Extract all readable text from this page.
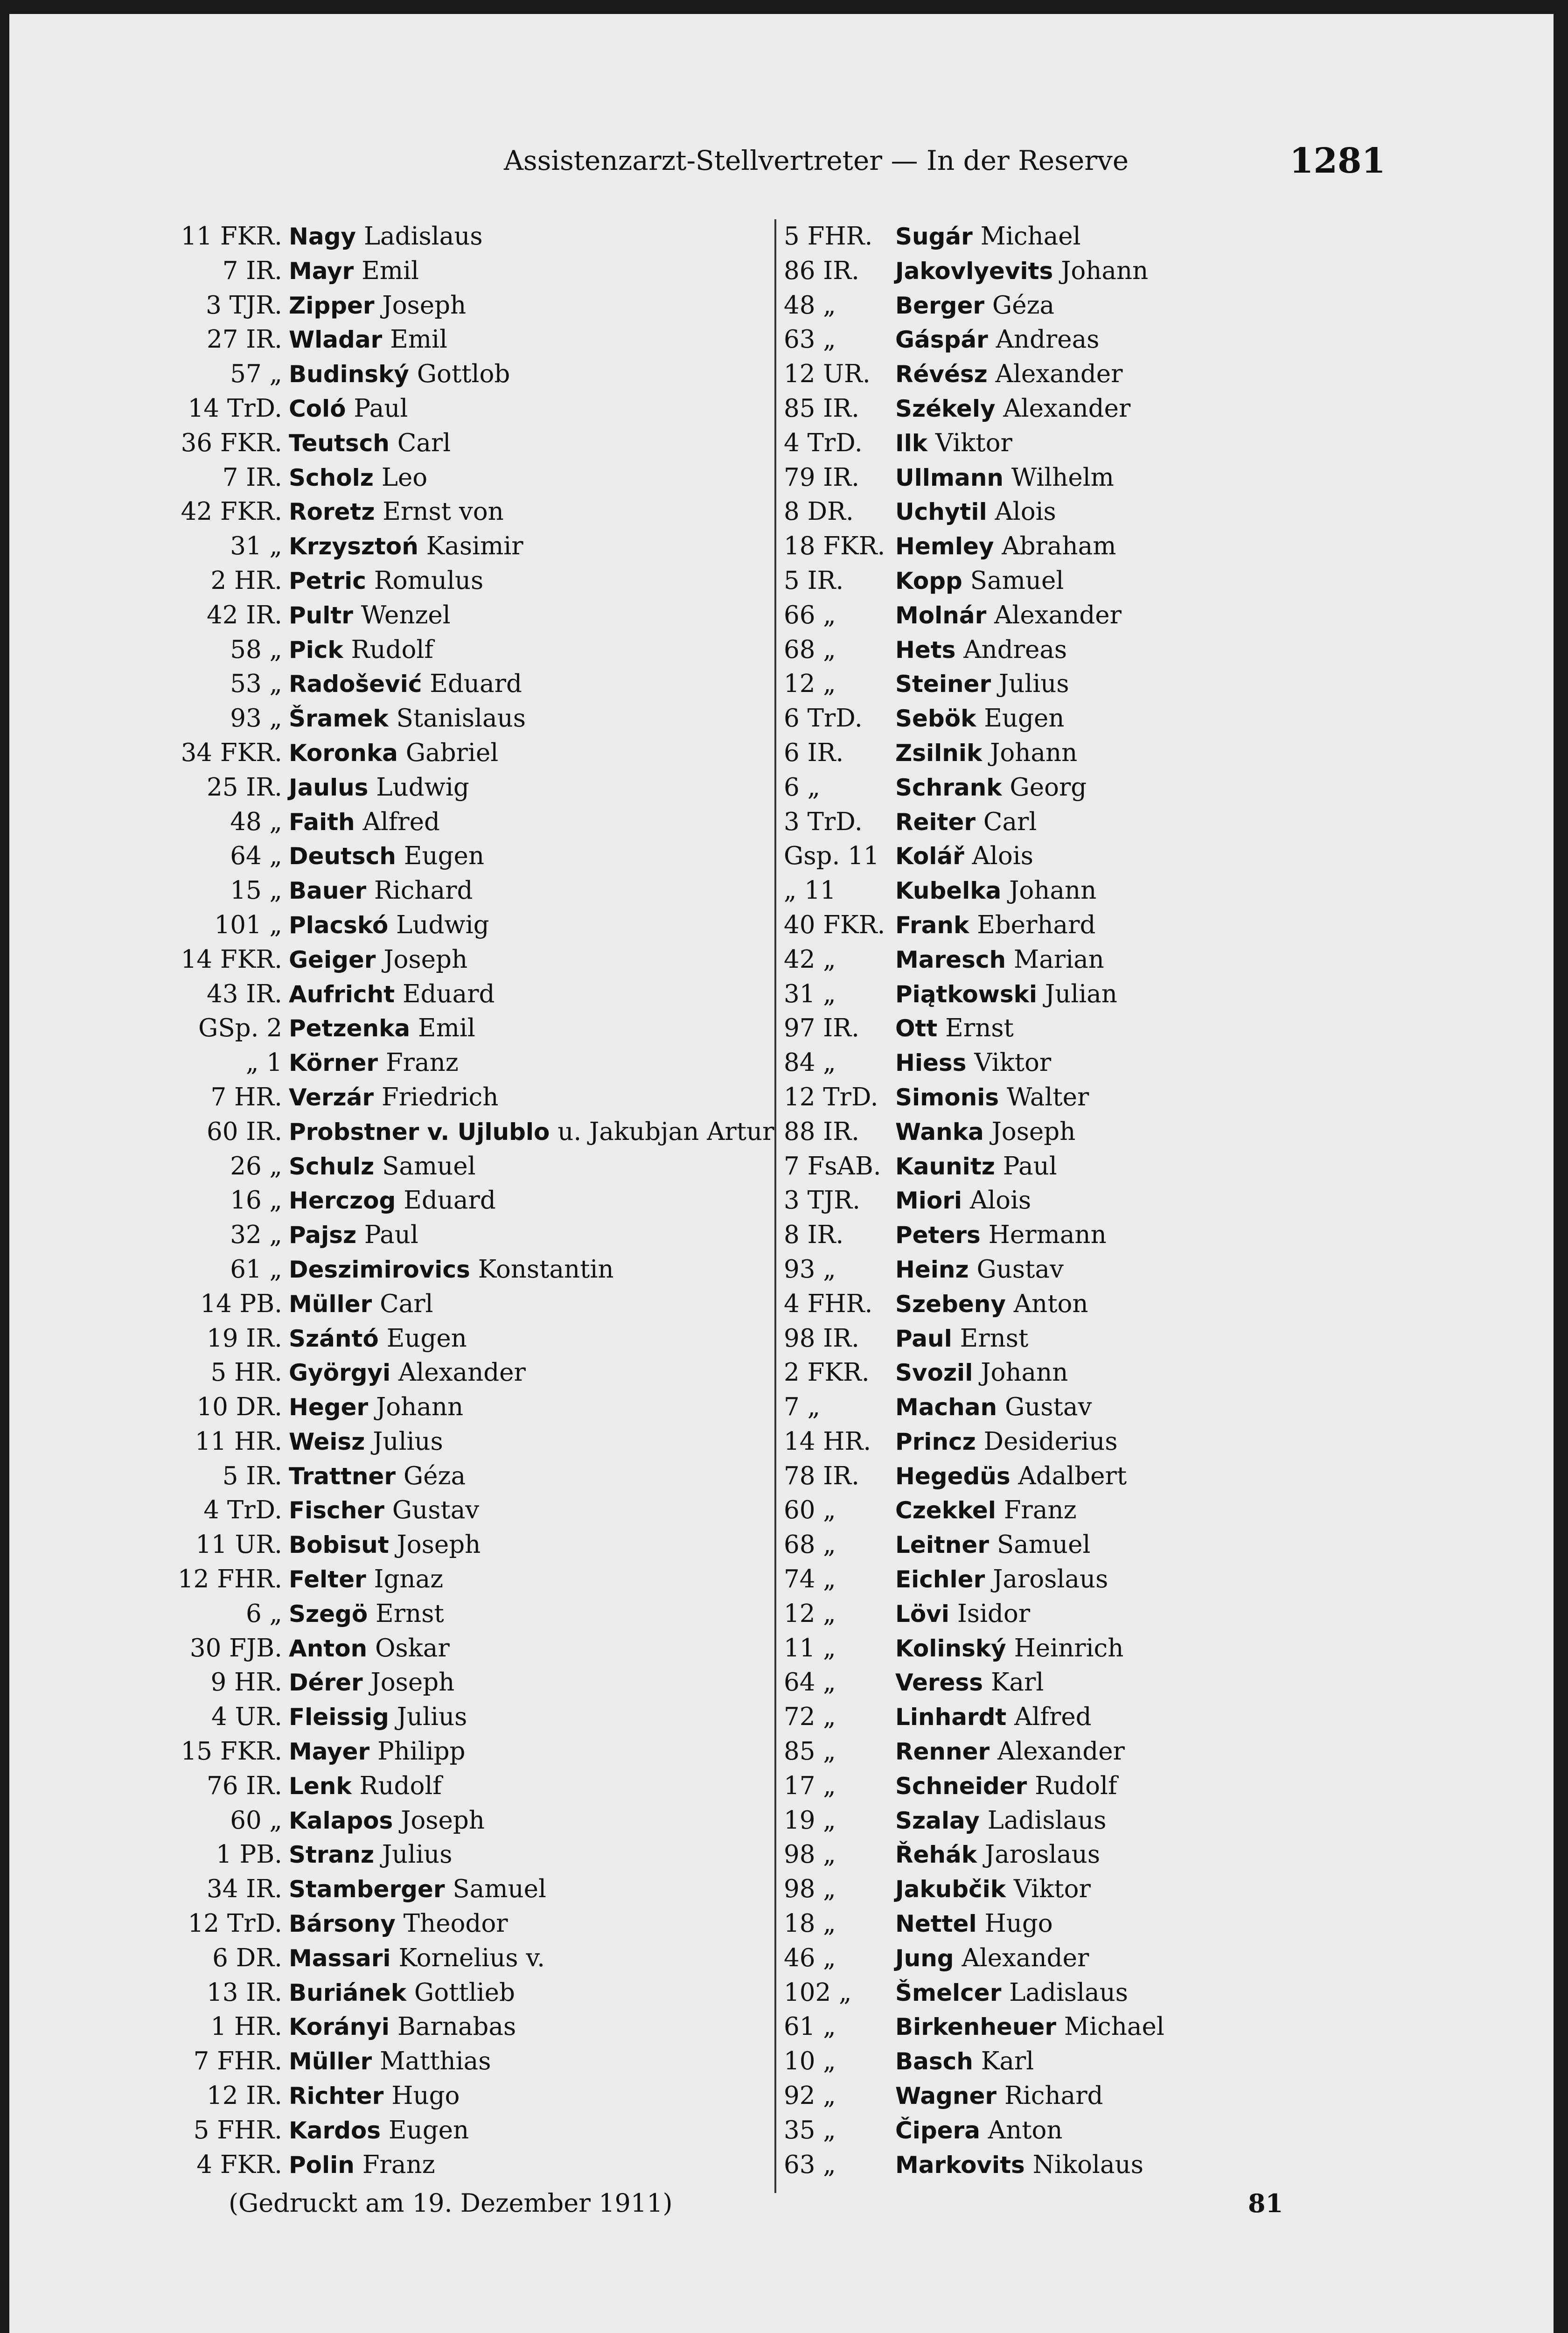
Assistenzarzt-Stellvertreter — In der Reserve	1281
11 FKR. Nagy Ladislaus
7 IR. Mayr Emil
3 TJR. Zipper Joseph
27 IR. Wladar Emil
57 „ Budinský Gottlob
14 TrD. Coló Paul
36 FKR. Teutsch Carl
7 IR. Scholz Leo
42 FKR. Roretz Ernst von
31 „ Krzysztoń Kasimir
2 HR. Petric Romulus
42 IR. Pultr Wenzel
58 „ Pick Rudolf
53 „ Radošević Eduard
93 „ Šramek Stanislaus
34 FKR. Koronka Gabriel
25 IR. Jaulus Ludwig
48 „ Faith Alfred
64 „ Deutsch Eugen
15 „ Bauer Richard
101 „ Placskó Ludwig
14 FKR. Geiger Joseph
43 IR. Aufricht Eduard
GSp. 2 Petzenka Emil
„ 1 Körner Franz
7 HR. Verzár Friedrich
60 IR. Probstner v. Ujlublo u. Jakubjan Artur
26 „ Schulz Samuel
16 „ Herczog Eduard
32 „ Pajsz Paul
61 „ Deszimirovics Konstantin
14 PB. Müller Carl
19 IR. Szántó Eugen
5 HR. Györgyi Alexander
10 DR. Heger Johann
11 HR. Weisz Julius
5 IR. Trattner Géza
4 TrD. Fischer Gustav
11 UR. Bobisut Joseph
12 FHR. Felter Ignaz
6 „ Szegö Ernst
30 FJB. Anton Oskar
9 HR. Dérer Joseph
4 UR. Fleissig Julius
15 FKR. Mayer Philipp
76 IR. Lenk Rudolf
60 „ Kalapos Joseph
1 PB. Stranz Julius
34 IR. Stamberger Samuel
12 TrD. Bársony Theodor
6 DR. Massari Kornelius v.
13 IR. Buriánek Gottlieb
1 HR. Korányi Barnabas
7 FHR. Müller Matthias
12 IR. Richter Hugo
5 FHR. Kardos Eugen
4 FKR. Polin Franz
5 FHR. Sugár Michael
86 IR. Jakovlyevits Johann
48 „	Berger Géza
63 „	Gáspár Andreas
12 UR. Révész Alexander
85 IR. Székely Alexander
4 TrD. Ilk Viktor
79 IR. Ullmann Wilhelm
8 DR. Uchytil Alois
18 FKR. Hemley Abraham
5 IR. Kopp Samuel
66 „	Molnár Alexander
68 „	Hets Andreas
12 „	Steiner Julius
6 TrD. Sebök Eugen
6 IR. Zsilnik Johann
6 „	Schrank Georg
3 TrD. Reiter Carl
Gsp. 11 Kolář Alois
„ 11	Kubelka Johann
40 FKR. Frank Eberhard
42 „	Maresch Marian
31 „	Piątkowski Julian
97 IR. Ott Ernst
84 „	Hiess Viktor
12 TrD. Simonis Walter
88 IR. Wanka Joseph
7 FsAB. Kaunitz Paul
3 TJR. Miori Alois
8 IR. Peters Hermann
93 „	Heinz Gustav
4 FHR. Szebeny Anton
98 IR. Paul Ernst
2 FKR. Svozil Johann
7 „	Machan Gustav
14 HR. Princz Desiderius
78 IR. Hegedüs Adalbert
60 „	Czekkel Franz
68 „	Leitner Samuel
74 „	Eichler Jaroslaus
12 „	Lövi Isidor
11 „	Kolinský Heinrich
64 „	Veress Karl
72 „	Linhardt Alfred
85 „	Renner Alexander
17 „	Schneider Rudolf
19 „	Szalay Ladislaus
98 „	Řehák Jaroslaus
98 „	Jakubčik Viktor
18 „	Nettel Hugo
46 „	Jung Alexander
102 „ Šmelcer Ladislaus
61 „	Birkenheuer Michael
10 „	Basch Karl
92 „	Wagner Richard
35 „	Čipera Anton
63 „	Markovits Nikolaus
(Gedruckt am 19. Dezember 1911)	81
